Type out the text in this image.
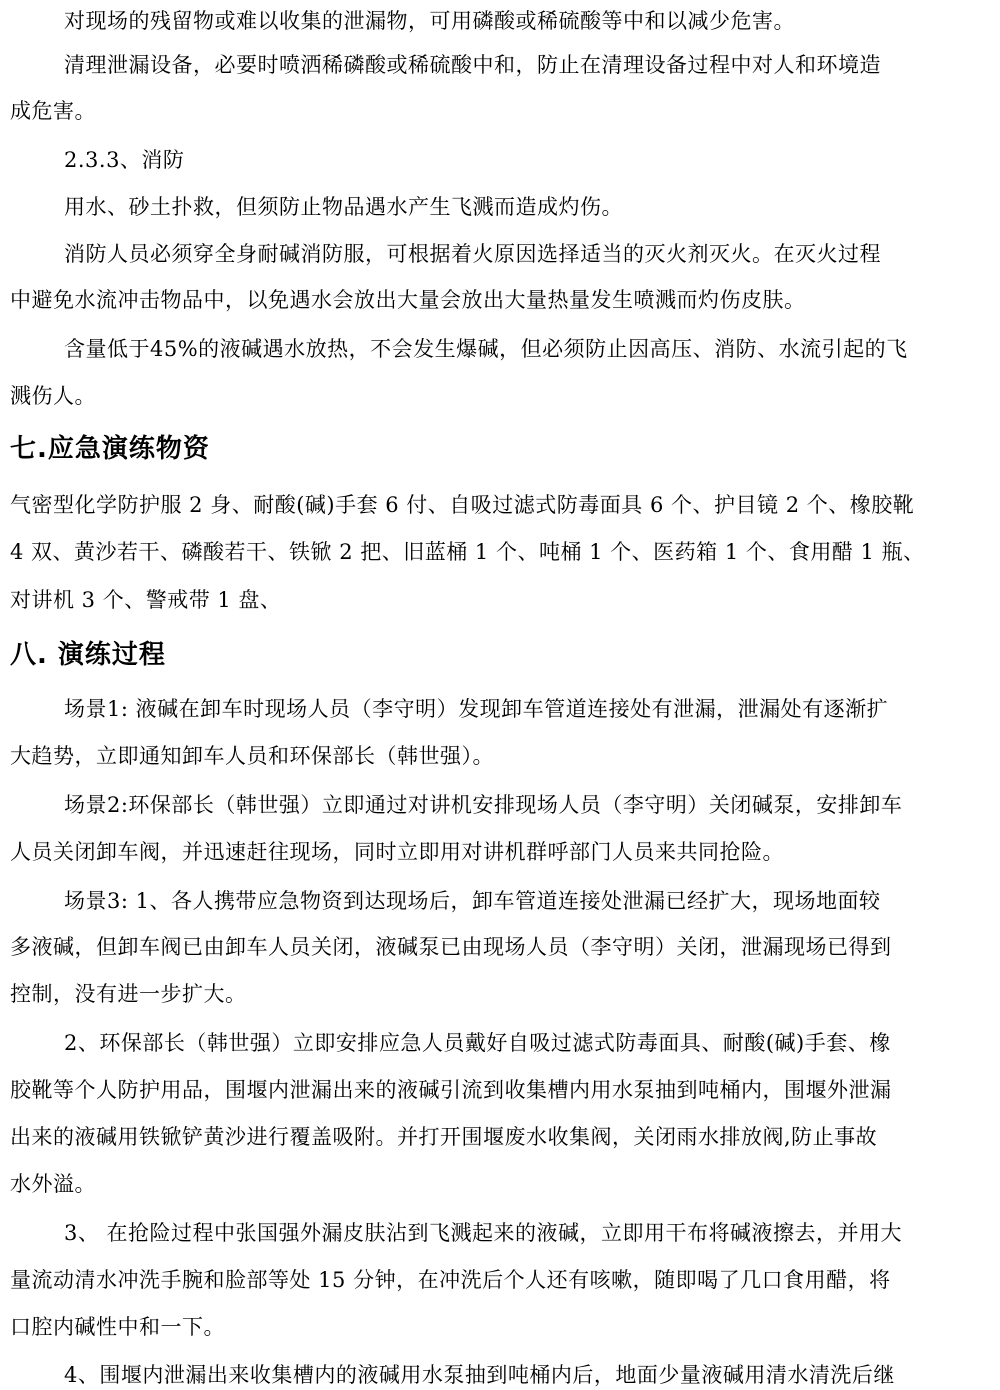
对现场的残留物或难以收集的泄漏物，可用磷酸或稀硫酸等中和以减少危害。
清理泄漏设备，必要时喷洒稀磷酸或稀硫酸中和，防止在清理设备过程中对人和环境造
成危害。
2.3.3、消防
用水、砂土扑救，但须防止物品遇水产生飞溅而造成灼伤。
消防人员必须穿全身耐碱消防服，可根据着火原因选择适当的灭火剂灭火。在灭火过程
中避免水流冲击物品中，以免遇水会放出大量会放出大量热量发生喷溅而灼伤皮肤。
含量低于45%的液碱遇水放热，不会发生爆碱，但必须防止因高压、消防、水流引起的飞
溅伤人。
七.应急演练物资
气密型化学防护服 2 身、耐酸(碱)手套 6 付、自吸过滤式防毒面具 6 个、护目镜 2 个、橡胶靴
4 双、黄沙若干、磷酸若干、铁锨 2 把、旧蓝桶 1 个、吨桶 1 个、医药箱 1 个、食用醋 1 瓶、
对讲机 3 个、警戒带 1 盘、
八. 演练过程
场景1: 液碱在卸车时现场人员（李守明）发现卸车管道连接处有泄漏，泄漏处有逐渐扩
大趋势，立即通知卸车人员和环保部长（韩世强）。
场景2:环保部长（韩世强）立即通过对讲机安排现场人员（李守明）关闭碱泵，安排卸车
人员关闭卸车阀，并迅速赶往现场，同时立即用对讲机群呼部门人员来共同抢险。
场景3: 1、各人携带应急物资到达现场后，卸车管道连接处泄漏已经扩大，现场地面较
多液碱，但卸车阀已由卸车人员关闭，液碱泵已由现场人员（李守明）关闭，泄漏现场已得到
控制，没有进一步扩大。
2、环保部长（韩世强）立即安排应急人员戴好自吸过滤式防毒面具、耐酸(碱)手套、橡
胶靴等个人防护用品，围堰内泄漏出来的液碱引流到收集槽内用水泵抽到吨桶内，围堰外泄漏
出来的液碱用铁锨铲黄沙进行覆盖吸附。并打开围堰废水收集阀，关闭雨水排放阀,防止事故
水外溢。
3、 在抢险过程中张国强外漏皮肤沾到飞溅起来的液碱，立即用干布将碱液擦去，并用大
量流动清水冲洗手腕和脸部等处 15 分钟，在冲洗后个人还有咳嗽，随即喝了几口食用醋，将
口腔内碱性中和一下。
4、围堰内泄漏出来收集槽内的液碱用水泵抽到吨桶内后，地面少量液碱用清水清洗后继
